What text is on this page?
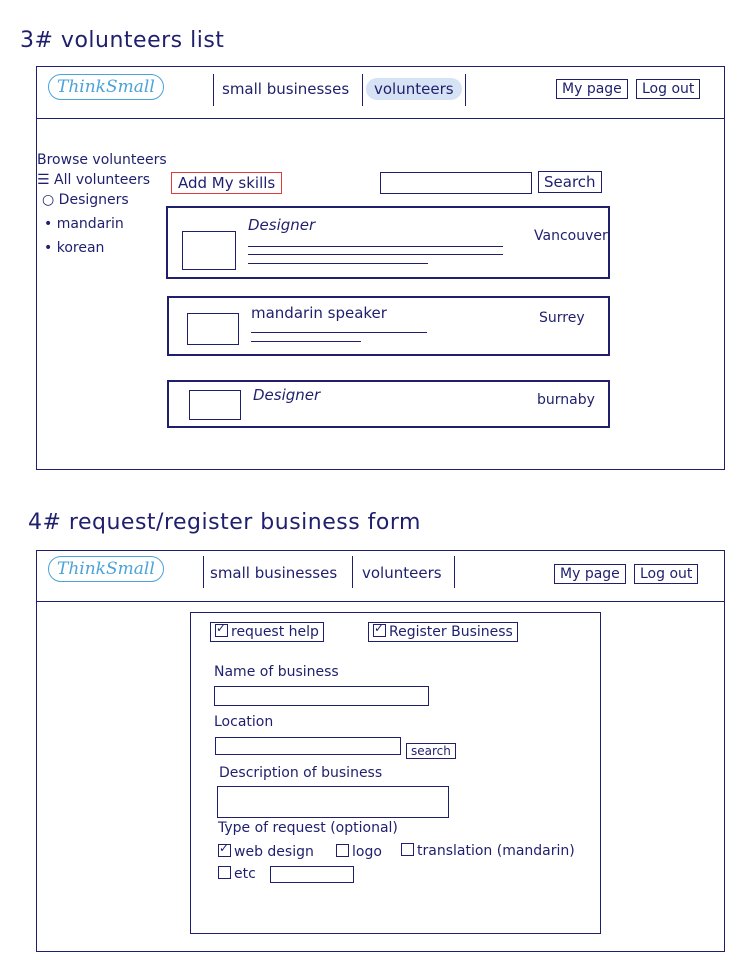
3# volunteers list
ThinkSmall	small businesses	volunteers	My page	Log out
Browse volunteers
☰ All volunteers
○ Designers
• mandarin
• korean
Add My skills	Search
Designer
Vancouver.
mandarin speaker	Surrey
Designer	burnaby
4# request/register business form
ThinkSmall	small businesses volunteers	My page	Log out
✓request help
✓	Register Business
Name of business
Location
search
Description of business
Type of request (optional)
✓web design	logo	translation (mandarin)
etc
